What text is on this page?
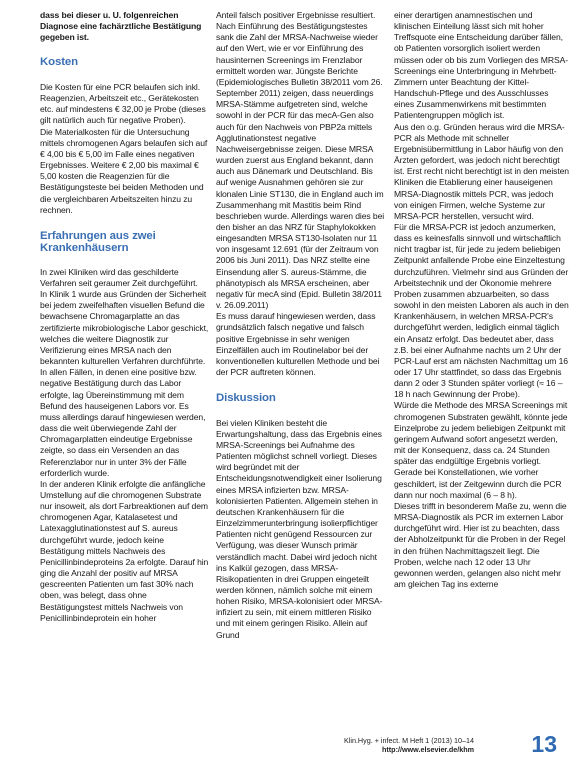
dass bei dieser u. U. folgenreichen Diagnose eine fachärztliche Bestätigung gegeben ist.

Kosten

Die Kosten für eine PCR belaufen sich inkl. Reagenzien, Arbeitszeit etc., Gerätekosten etc. auf mindestens € 32,00 je Probe (dieses gilt natürlich auch für negative Proben).

Die Materialkosten für die Untersuchung mittels chromogenen Agars belaufen sich auf € 4,00 bis € 5,00 im Falle eines negativen Ergebnisses. Weitere € 2,00 bis maximal € 5,00 kosten die Reagenzien für die Bestätigungsteste bei beiden Methoden und die vergleichbaren Arbeitszeiten hinzu zu rechnen.

Erfahrungen aus zwei Krankenhäusern

In zwei Kliniken wird das geschilderte Verfahren seit geraumer Zeit durchgeführt.

In Klinik 1 wurde aus Gründen der Sicherheit bei jedem zweifelhaften visuellen Befund die bewachsene Chromagarplatte an das zertifizierte mikrobiologische Labor geschickt, welches die weitere Diagnostik zur Verifizierung eines MRSA nach den bekannten kulturellen Verfahren durchführte. In allen Fällen, in denen eine positive bzw. negative Bestätigung durch das Labor erfolgte, lag Übereinstimmung mit dem Befund des hauseigenen Labors vor. Es muss allerdings darauf hingewiesen werden, dass die weit überwiegende Zahl der Chromagarplatten eindeutige Ergebnisse zeigte, so dass ein Versenden an das Referenzlabor nur in unter 3% der Fälle erforderlich wurde.

In der anderen Klinik erfolgte die anfängliche Umstellung auf die chromogenen Substrate nur insoweit, als dort Farbreaktionen auf dem chromogenen Agar, Katalasetest und Latexagglutinationstest auf S. aureus durchgeführt wurde, jedoch keine Bestätigung mittels Nachweis des Penicillinbindeproteins 2a erfolgte. Darauf hin ging die Anzahl der positiv auf MRSA gescreenten Patienten um fast 30% nach oben, was belegt, dass ohne Bestätigungstest mittels Nachweis von Penicillinbindeprotein ein hoher

Anteil falsch positiver Ergebnisse resultiert.

Nach Einführung des Bestätigungstestes sank die Zahl der MRSA-Nachweise wieder auf den Wert, wie er vor Einführung des hausinternen Screenings im Frenzlabor ermittelt worden war. Jüngste Berichte (Epidemiologisches Bulletin 38/2011 vom 26. September 2011) zeigen, dass neuerdings MRSA-Stämme aufgetreten sind, welche sowohl in der PCR für das mecA-Gen also auch für den Nachweis von PBP2a mittels Agglutinationstest negative Nachweisergebnisse zeigen. Diese MRSA wurden zuerst aus England bekannt, dann auch aus Dänemark und Deutschland. Bis auf wenige Ausnahmen gehören sie zur klonalen Linie ST130, die in England auch im Zusammenhang mit Mastitis beim Rind beschrieben wurde. Allerdings waren dies bei den bisher an das NRZ für Staphylokokken eingesandten MRSA ST130-Isolaten nur 11 von insgesamt 12.691 (für der Zeitraum von 2006 bis Juni 2011). Das NRZ stellte eine Einsendung aller S. aureus-Stämme, die phänotypisch als MRSA erscheinen, aber negativ für mecA sind (Epid. Bulletin 38/2011 v. 26.09.2011)

Es muss darauf hingewiesen werden, dass grundsätzlich falsch negative und falsch positive Ergebnisse in sehr wenigen Einzelfällen auch im Routinelabor bei der konventionellen kulturellen Methode und bei der PCR auftreten können.

Diskussion

Bei vielen Kliniken besteht die Erwartungshaltung, dass das Ergebnis eines MRSA-Screenings bei Aufnahme des Patienten möglichst schnell vorliegt. Dieses wird begründet mit der Entscheidungsnotwendigkeit einer Isolierung eines MRSA infizierten bzw. MRSA-kolonisierten Patienten. Allgemein stehen in deutschen Krankenhäusern für die Einzelzimmerunterbringung isolierpflichtiger Patienten nicht genügend Ressourcen zur Verfügung, was dieser Wunsch primär verständlich macht. Dabei wird jedoch nicht ins Kalkül gezogen, dass MRSA-Risikopatienten in drei Gruppen eingeteilt werden können, nämlich solche mit einem hohen Risiko, MRSA-kolonisiert oder MRSA-infiziert zu sein, mit einem mittleren Risiko und mit einem geringen Risiko. Allein auf Grund

einer derartigen anamnestischen und klinischen Einteilung lässt sich mit hoher Treffsquote eine Entscheidung darüber fällen, ob Patienten vorsorglich isoliert werden müssen oder ob bis zum Vorliegen des MRSA-Screenings eine Unterbringung in Mehrbett-Zimmern unter Beachtung der Kittel-Handschuh-Pflege und des Ausschlusses eines Zusammenwirkens mit bestimmten Patientengruppen möglich ist.

Aus den o.g. Gründen heraus wird die MRSA-PCR als Methode mit schneller Ergebnisübermittlung in Labor häufig von den Ärzten gefordert, was jedoch nicht berechtigt ist. Erst recht nicht berechtigt ist in den meisten Kliniken die Etablierung einer hauseigenen MRSA-Diagnostik mittels PCR, was jedoch von einigen Firmen, welche Systeme zur MRSA-PCR herstellen, versucht wird.

Für die MRSA-PCR ist jedoch anzumerken, dass es keinesfalls sinnvoll und wirtschaftlich nicht tragbar ist, für jede zu jedem beliebigen Zeitpunkt anfallende Probe eine Einzeltestung durchzuführen. Vielmehr sind aus Gründen der Arbeitstechnik und der Ökonomie mehrere Proben zusammen abzuarbeiten, so dass sowohl in den meisten Laboren als auch in den Krankenhäusern, in welchen MRSA-PCR's durchgeführt werden, lediglich einmal täglich ein Ansatz erfolgt. Das bedeutet aber, dass z.B. bei einer Aufnahme nachts um 2 Uhr der PCR-Lauf erst am nächsten Nachmittag um 16 oder 17 Uhr stattfindet, so dass das Ergebnis dann 2 oder 3 Stunden später vorliegt (≈ 16 – 18 h nach Gewinnung der Probe).

Würde die Methode des MRSA Screenings mit chromogenen Substraten gewählt, könnte jede Einzelprobe zu jedem beliebigen Zeitpunkt mit geringem Aufwand sofort angesetzt werden, mit der Konsequenz, dass ca. 24 Stunden später das endgültige Ergebnis vorliegt. Gerade bei Konstellationen, wie vorher geschildert, ist der Zeitgewinn durch die PCR dann nur noch maximal (6 – 8 h).

Dieses trifft in besonderem Maße zu, wenn die MRSA-Diagnostik als PCR im externen Labor durchgeführt wird. Hier ist zu beachten, dass der Abholzeitpunkt für die Proben in der Regel in den frühen Nachmittagszeit liegt. Die Proben, welche nach 12 oder 13 Uhr gewonnen werden, gelangen also nicht mehr am gleichen Tag ins externe

Klin.Hyg. + infect. M Heft 1 (2013) 10–14
http://www.elsevier.de/khm 13
